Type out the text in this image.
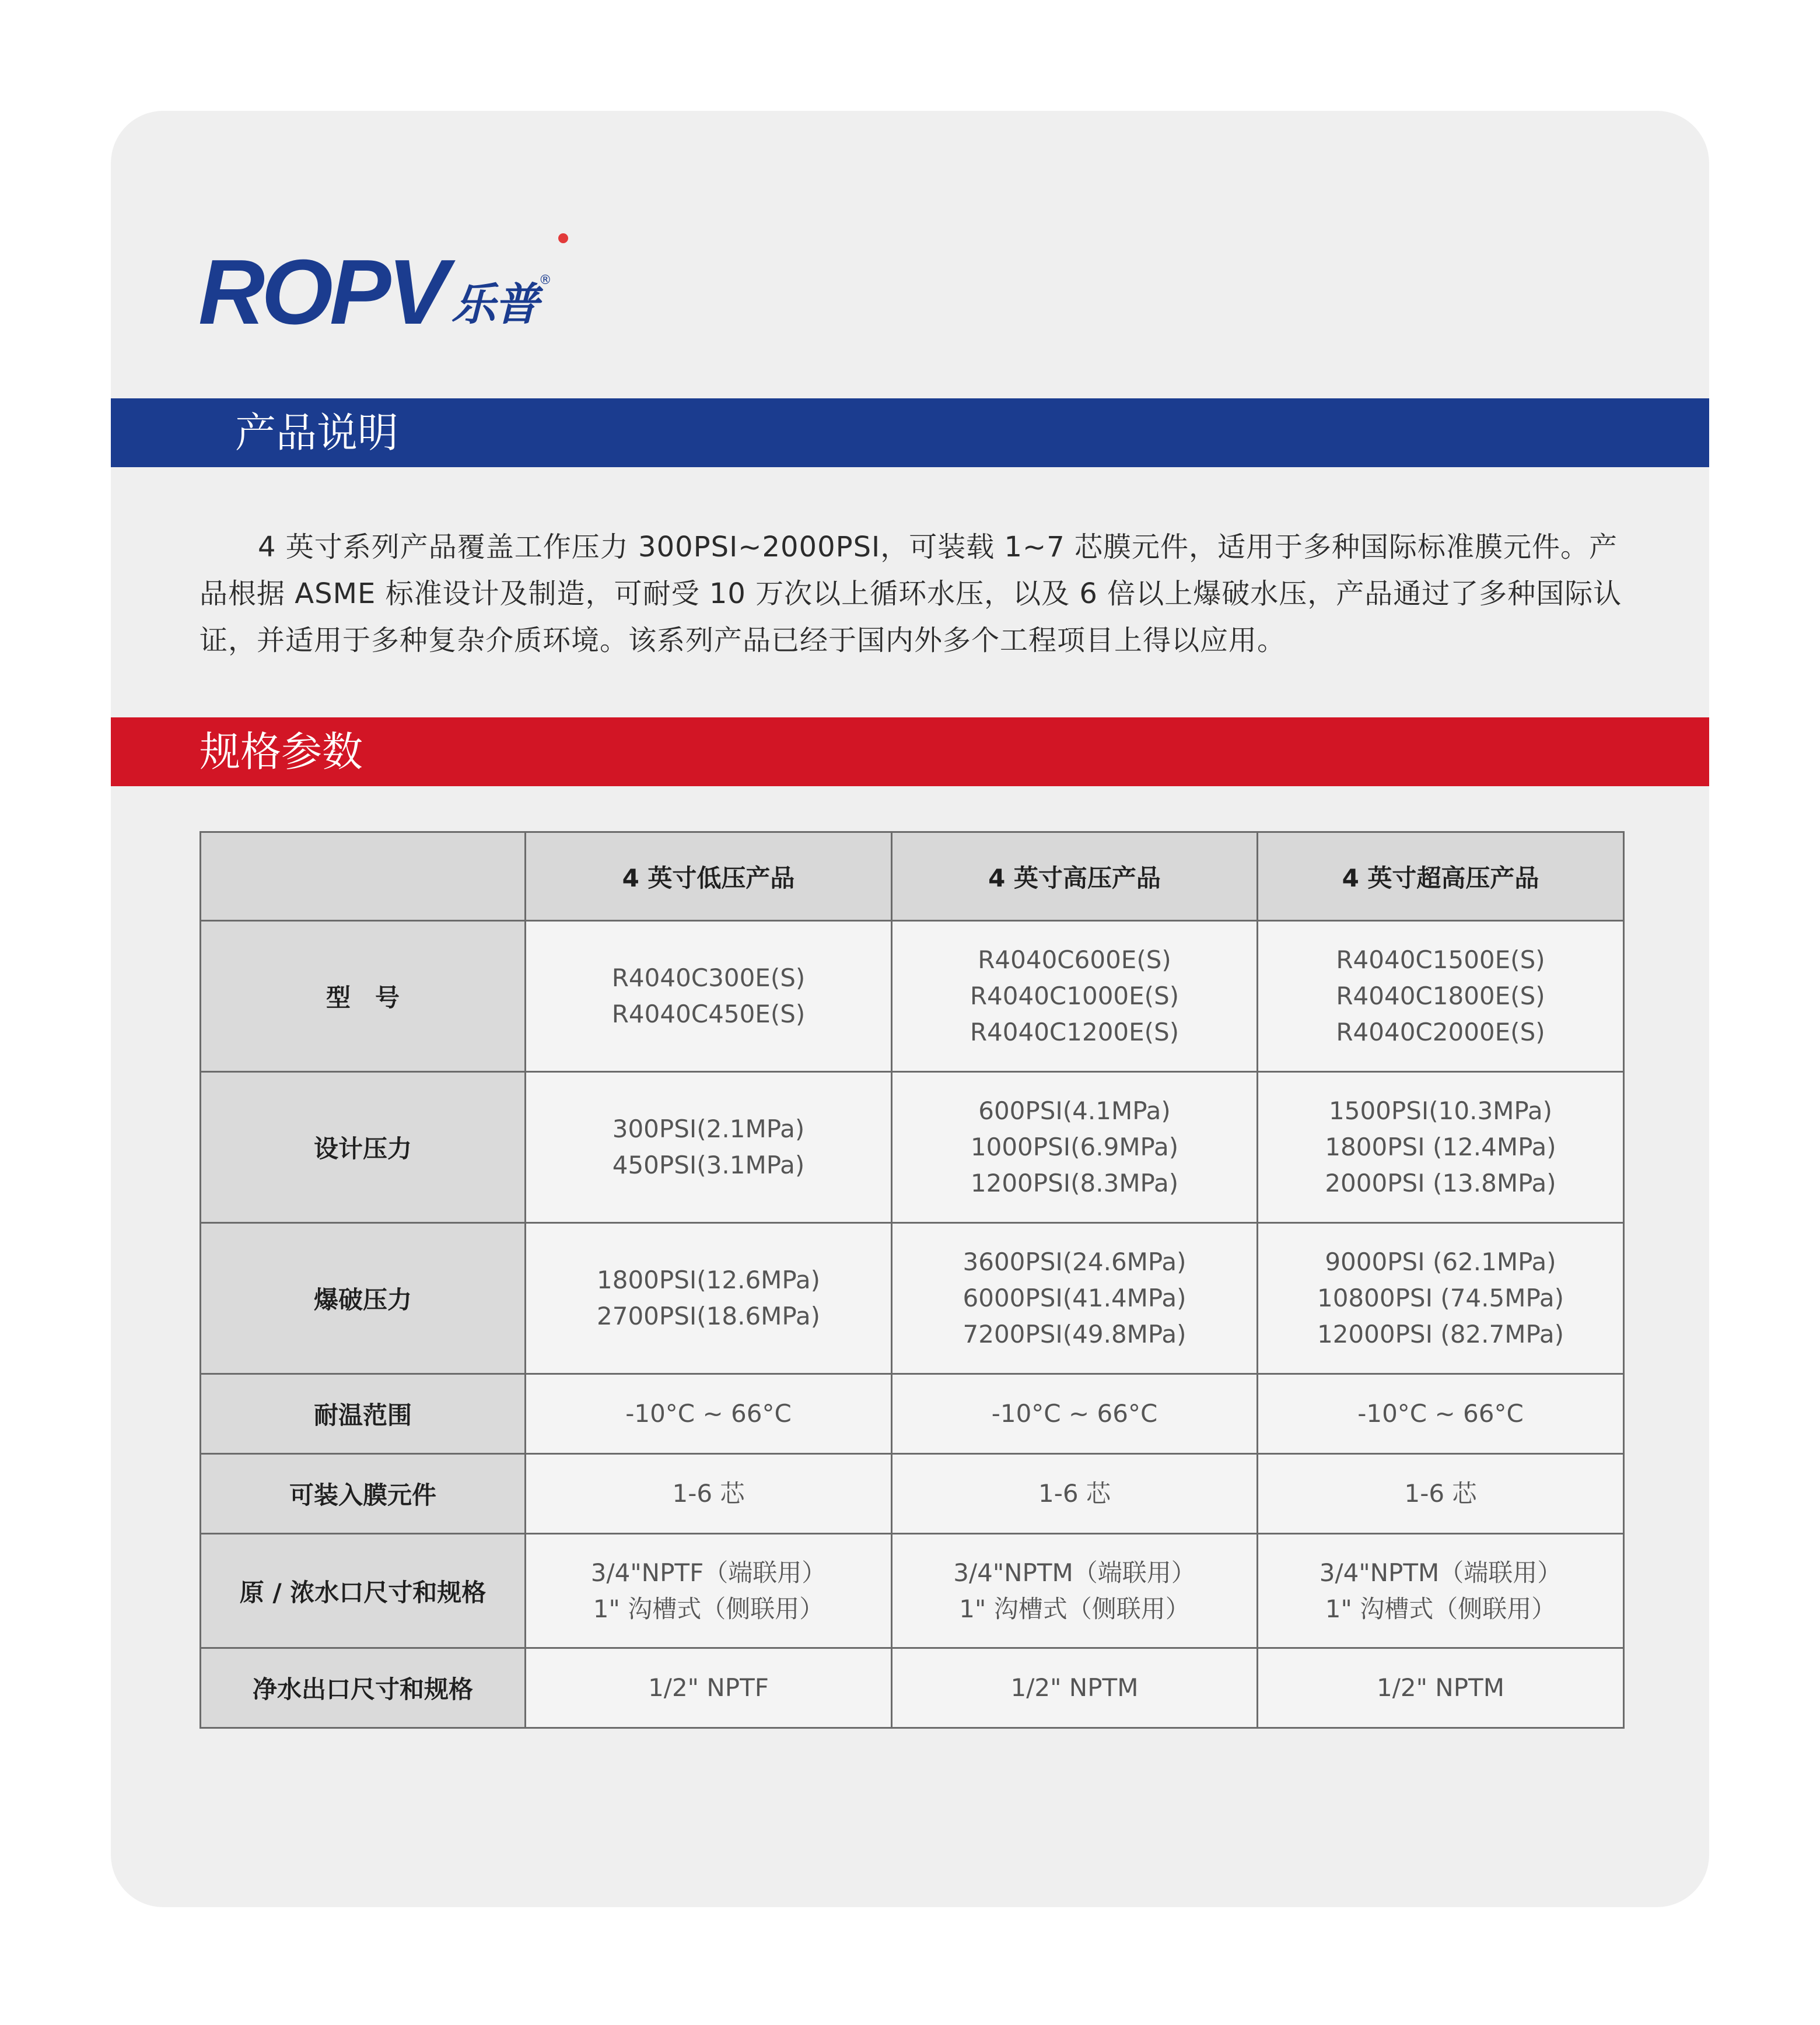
ROPV 乐普 ®
产品说明

4 英寸系列产品覆盖工作压力 300PSI~2000PSI，可装载 1~7 芯膜元件，适用于多种国际标准膜元件。产品根据 ASME 标准设计及制造，可耐受 10 万次以上循环水压，以及 6 倍以上爆破水压，产品通过了多种国际认证，并适用于多种复杂介质环境。该系列产品已经于国内外多个工程项目上得以应用。

规格参数
	4 英寸低压产品	4 英寸高压产品	4 英寸超高压产品
型　号	R4040C300E(S)
R4040C450E(S)	R4040C600E(S)
R4040C1000E(S)
R4040C1200E(S)	R4040C1500E(S)
R4040C1800E(S)
R4040C2000E(S)

设计压力	300PSI(2.1MPa)
450PSI(3.1MPa)	600PSI(4.1MPa)
1000PSI(6.9MPa)
1200PSI(8.3MPa)	1500PSI(10.3MPa)
1800PSI (12.4MPa)
2000PSI (13.8MPa)

爆破压力	1800PSI(12.6MPa)
2700PSI(18.6MPa)	3600PSI(24.6MPa)
6000PSI(41.4MPa)
7200PSI(49.8MPa)	9000PSI (62.1MPa)
10800PSI (74.5MPa)
12000PSI (82.7MPa)

耐温范围	-10°C ~ 66°C	-10°C ~ 66°C	-10°C ~ 66°C

可装入膜元件	1-6 芯	1-6 芯	1-6 芯

原 / 浓水口尺寸和规格	3/4"NPTF（端联用）
1" 沟槽式（侧联用）	3/4"NPTM（端联用）
1" 沟槽式（侧联用）	3/4"NPTM（端联用）
1" 沟槽式（侧联用）

净水出口尺寸和规格	1/2" NPTF	1/2" NPTM	1/2" NPTM
